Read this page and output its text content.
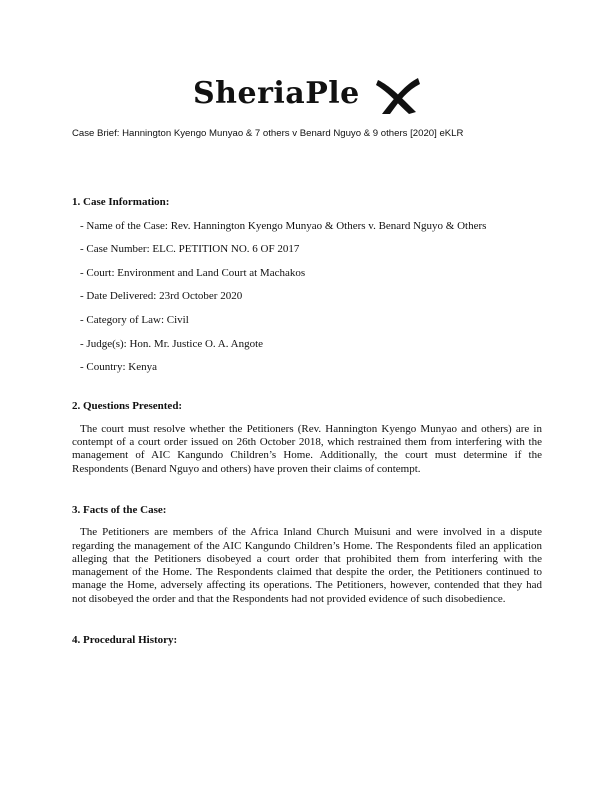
SheriaPle
Case Brief: Hannington Kyengo Munyao & 7 others v Benard Nguyo & 9 others [2020] eKLR

1. Case Information:

- Name of the Case: Rev. Hannington Kyengo Munyao & Others v. Benard Nguyo & Others
- Case Number: ELC. PETITION NO. 6 OF 2017
- Court: Environment and Land Court at Machakos
- Date Delivered: 23rd October 2020
- Category of Law: Civil
- Judge(s): Hon. Mr. Justice O. A. Angote
- Country: Kenya

2. Questions Presented:

The court must resolve whether the Petitioners (Rev. Hannington Kyengo Munyao and others) are in contempt of a court order issued on 26th October 2018, which restrained them from interfering with the management of AIC Kangundo Children’s Home. Additionally, the court must determine if the Respondents (Benard Nguyo and others) have proven their claims of contempt.

3. Facts of the Case:

The Petitioners are members of the Africa Inland Church Muisuni and were involved in a dispute regarding the management of the AIC Kangundo Children’s Home. The Respondents filed an application alleging that the Petitioners disobeyed a court order that prohibited them from interfering with the management of the Home. The Respondents claimed that despite the order, the Petitioners continued to manage the Home, adversely affecting its operations. The Petitioners, however, contended that they had not disobeyed the order and that the Respondents had not provided evidence of such disobedience.

4. Procedural History:
